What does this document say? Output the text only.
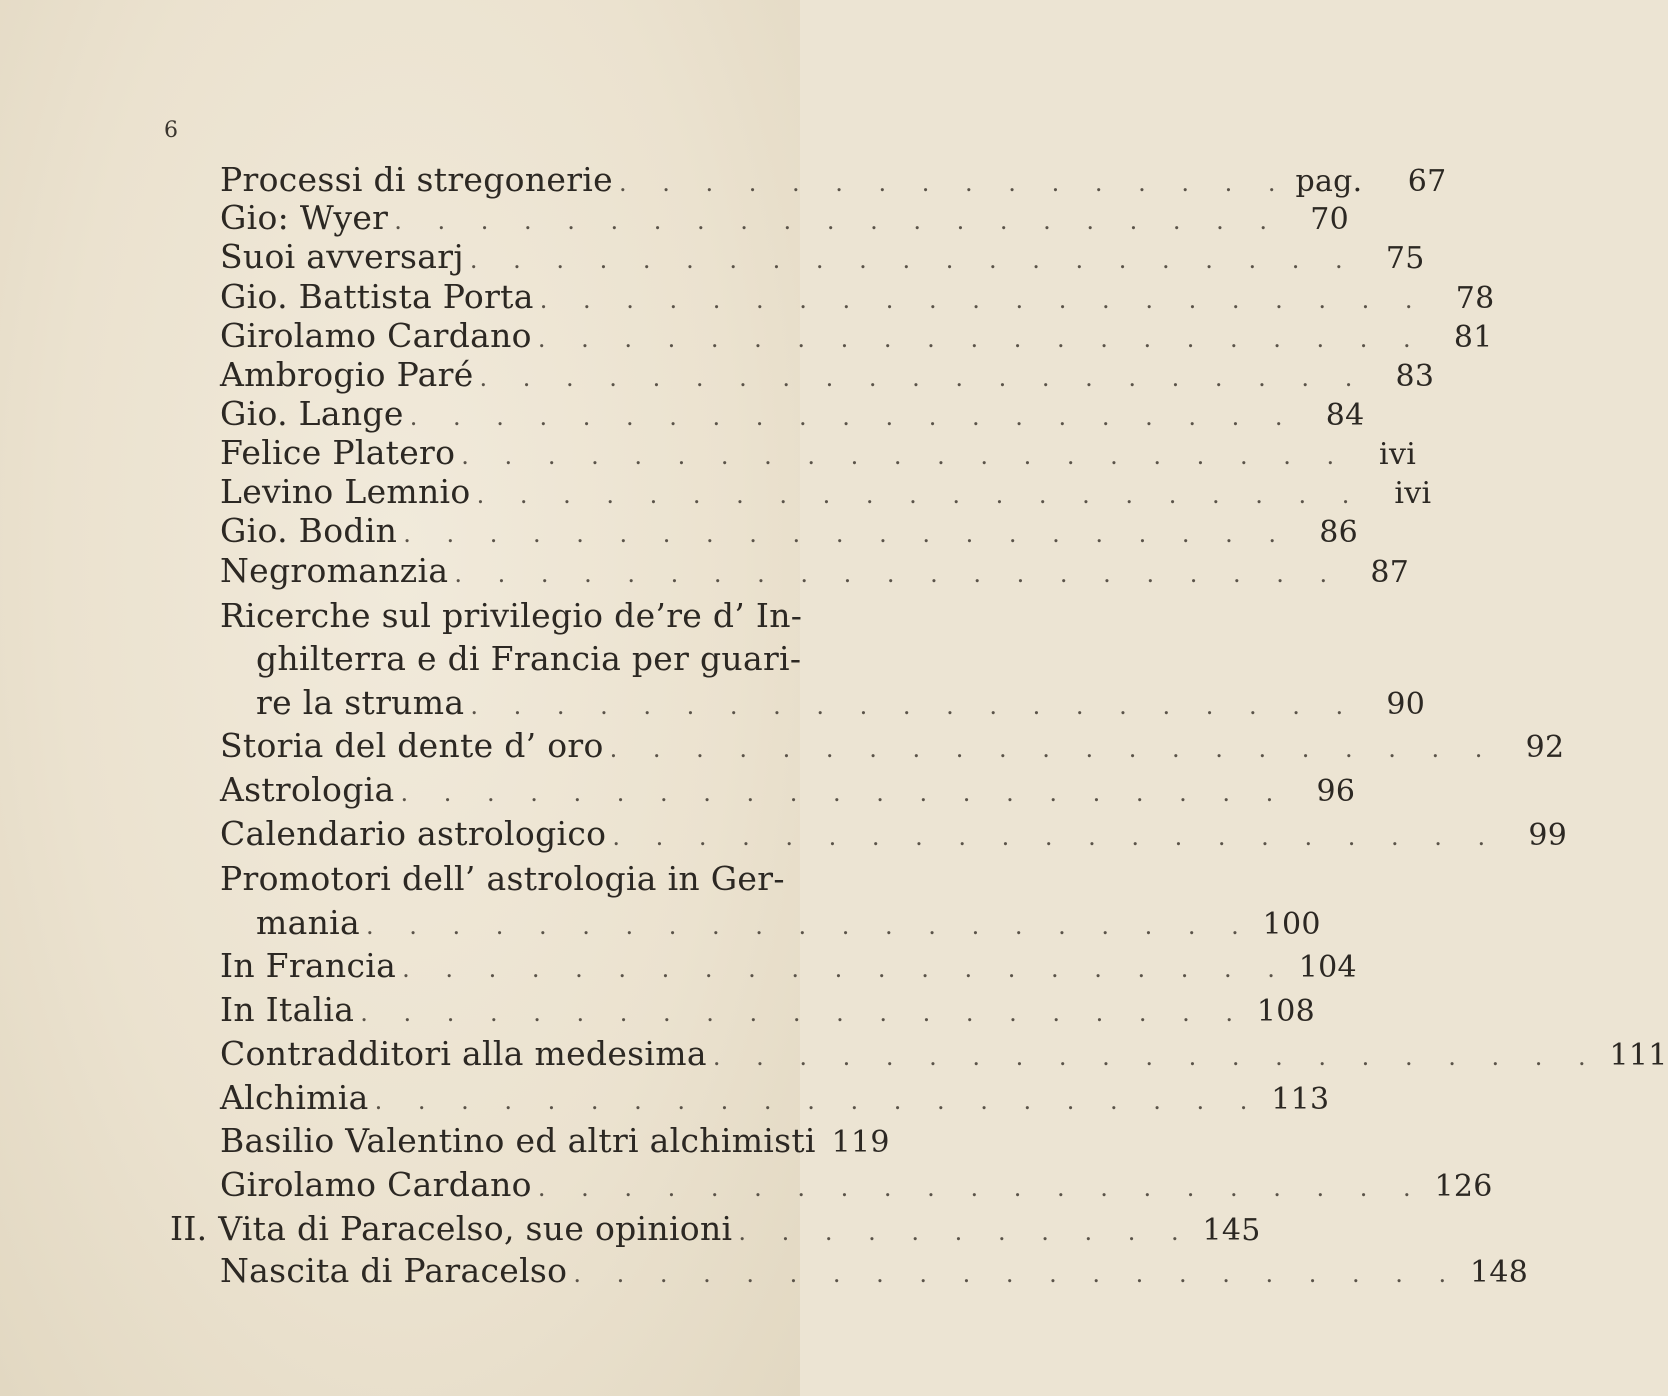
6
Processi di stregonerie . . . . . . . . . . . . . . . . pag.	67
Gio: Wyer . . . . . . . . . . . . . . . . . . . . . 70
Suoi avversarj . . . . . . . . . . . . . . . . . . . . . 75
Gio. Battista Porta . . . . . . . . . . . . . . . . . . . . . 78
Girolamo Cardano . . . . . . . . . . . . . . . . . . . . . 81
Ambrogio Paré . . . . . . . . . . . . . . . . . . . . . 83
Gio. Lange . . . . . . . . . . . . . . . . . . . . . 84
Felice Platero . . . . . . . . . . . . . . . . . . . . .	ivi
Levino Lemnio . . . . . . . . . . . . . . . . . . . . .	ivi
Gio. Bodin . . . . . . . . . . . . . . . . . . . . . 86
Negromanzia . . . . . . . . . . . . . . . . . . . . . 87
Ricerche sul privilegio de’re d’ In-
ghilterra e di Francia per guari-
re la struma . . . . . . . . . . . . . . . . . . . . . 90
Storia del dente d’ oro . . . . . . . . . . . . . . . . . . . . . 92
Astrologia . . . . . . . . . . . . . . . . . . . . . 96
Calendario astrologico . . . . . . . . . . . . . . . . . . . . . 99
Promotori dell’ astrologia in Ger-
mania . . . . . . . . . . . . . . . . . . . . . 100
In Francia . . . . . . . . . . . . . . . . . . . . . 104
In Italia . . . . . . . . . . . . . . . . . . . . . 108
Contradditori alla medesima . . . . . . . . . . . . . . . . . . . . . 111
Alchimia . . . . . . . . . . . . . . . . . . . . . 113
Basilio Valentino ed altri alchimisti 119
Girolamo Cardano . . . . . . . . . . . . . . . . . . . . . 126
II. Vita di Paracelso, sue opinioni . . . . . . . . . . . 145
Nascita di Paracelso . . . . . . . . . . . . . . . . . . . . . 148
